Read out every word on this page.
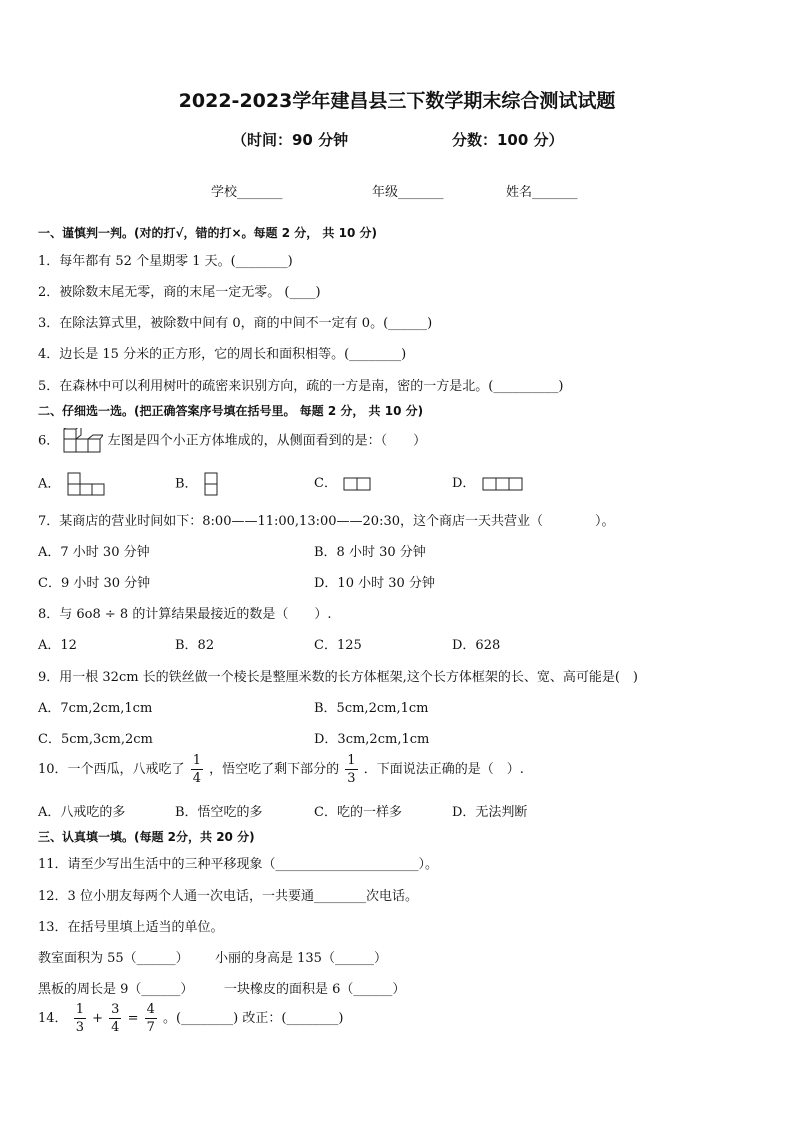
2022-2023学年建昌县三下数学期末综合测试试题
（时间：90 分钟	分数：100 分）
学校_______	年级_______	姓名_______
一、谨慎判一判。(对的打√，错的打×。每题 2 分， 共 10 分)
1．每年都有 52 个星期零 1 天。(________)
2．被除数末尾无零，商的末尾一定无零。 (____)
3．在除法算式里，被除数中间有 0，商的中间不一定有 0。(______)
4．边长是 15 分米的正方形，它的周长和面积相等。(________)
5．在森林中可以利用树叶的疏密来识别方向，疏的一方是南，密的一方是北。(__________)
二、仔细选一选。(把正确答案序号填在括号里。 每题 2 分， 共 10 分)
6．	左图是四个小正方体堆成的，从侧面看到的是：（　　）
A．	B．	C．	D．
7．某商店的营业时间如下：8:00——11:00,13:00——20:30，这个商店一天共营业（　　　　）。
A．7 小时 30 分钟	B．8 小时 30 分钟
C．9 小时 30 分钟	D．10 小时 30 分钟
8．与 6o8 ÷ 8 的计算结果最接近的数是（　　）.
A．12	B．82	C．125	D．628
9．用一根 32cm 长的铁丝做一个棱长是整厘米数的长方体框架,这个长方体框架的长、宽、高可能是(　)
A．7cm,2cm,1cm	B．5cm,2cm,1cm
C．5cm,3cm,2cm	D．3cm,2cm,1cm
10．一个西瓜，八戒吃了 $\frac{1}{4}$ ，悟空吃了剩下部分的 $\frac{1}{3}$ ．下面说法正确的是（　）.
A．八戒吃的多	B．悟空吃的多	C．吃的一样多	D．无法判断
三、认真填一填。(每题 2分，共 20 分)
11．请至少写出生活中的三种平移现象（______________________）。
12．3 位小朋友每两个人通一次电话，一共要通________次电话。
13．在括号里填上适当的单位。
教室面积为 55（______） 小丽的身高是 135（______）
黑板的周长是 9（______） 一块橡皮的面积是 6（______）
14． $\frac{1}{3} + \frac{3}{4} = \frac{4}{7}$ 。(________) 改正：(________)
